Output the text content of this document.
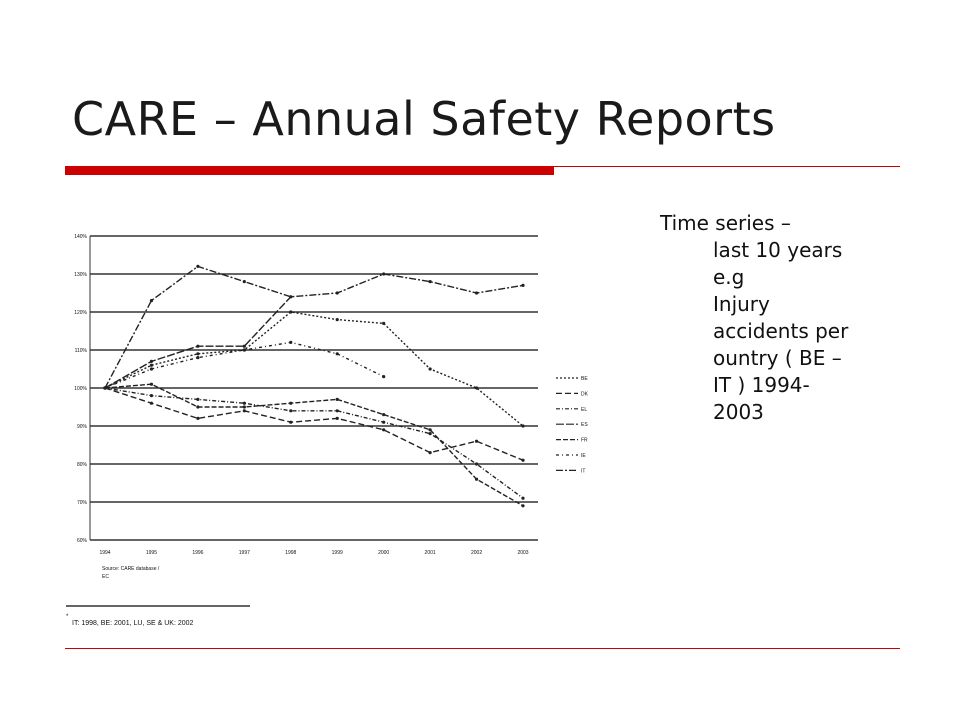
CARE – Annual Safety Reports
60%
70%
80%
90%
100%
110%
120%
130%
140%
1994	1995	1996	1997	1998	1999	2000	2001	2002	2003
BE
DK
EL
ES
FR
IE
IT
Source: CARE database /
EC
*
IT: 1998, BE: 2001, LU, SE & UK: 2002
Time series –
last 10 years
e.g
Injury
accidents per
ountry ( BE –
IT ) 1994-
2003
